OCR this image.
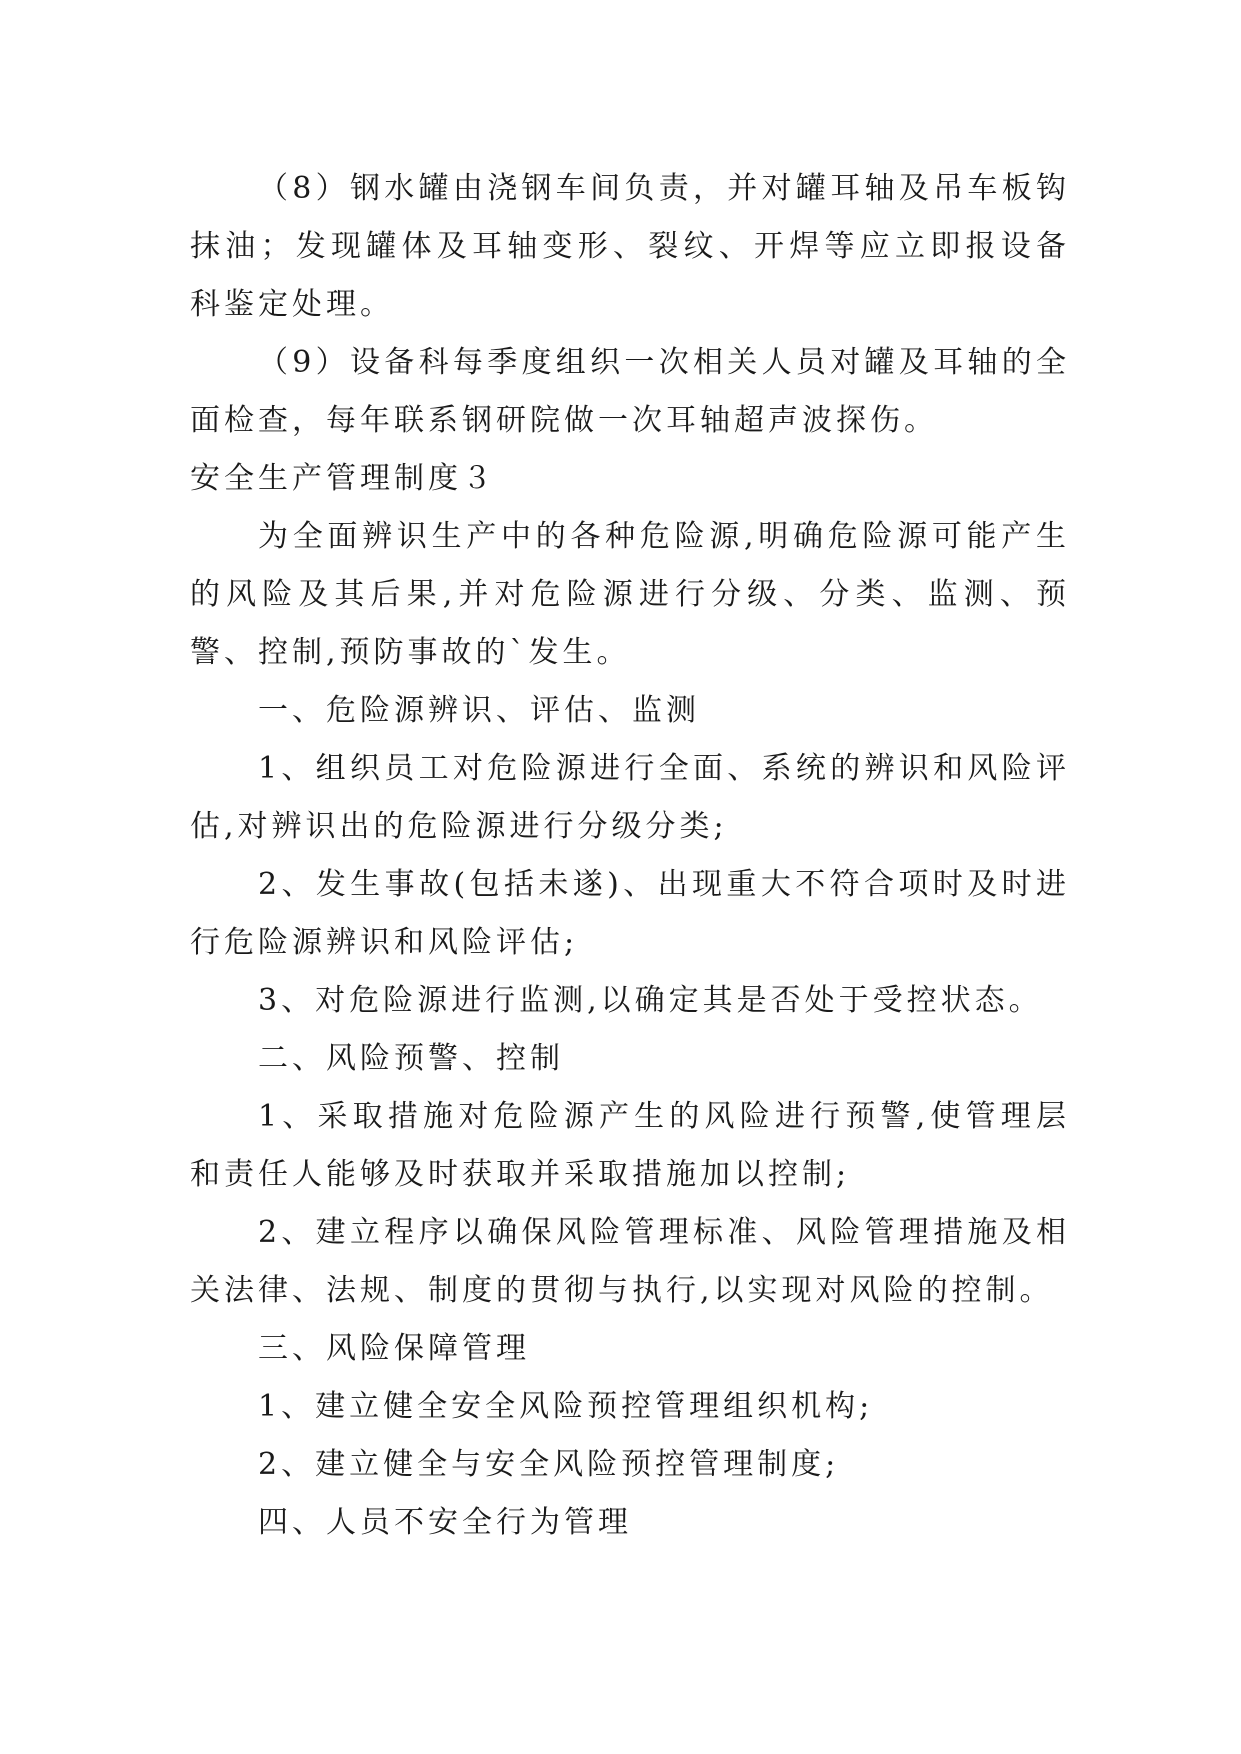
（8）钢水罐由浇钢车间负责，并对罐耳轴及吊车板钩抹油；发现罐体及耳轴变形、裂纹、开焊等应立即报设备科鉴定处理。

（9）设备科每季度组织一次相关人员对罐及耳轴的全面检查，每年联系钢研院做一次耳轴超声波探伤。

安全生产管理制度３

为全面辨识生产中的各种危险源,明确危险源可能产生的风险及其后果,并对危险源进行分级、分类、监测、预警、控制,预防事故的`发生。

一、危险源辨识、评估、监测

1、组织员工对危险源进行全面、系统的辨识和风险评估,对辨识出的危险源进行分级分类;

2、发生事故(包括未遂)、出现重大不符合项时及时进行危险源辨识和风险评估;

3、对危险源进行监测,以确定其是否处于受控状态。

二、风险预警、控制

1、采取措施对危险源产生的风险进行预警,使管理层和责任人能够及时获取并采取措施加以控制;

2、建立程序以确保风险管理标准、风险管理措施及相关法律、法规、制度的贯彻与执行,以实现对风险的控制。

三、风险保障管理

1、建立健全安全风险预控管理组织机构;

2、建立健全与安全风险预控管理制度;

四、人员不安全行为管理
